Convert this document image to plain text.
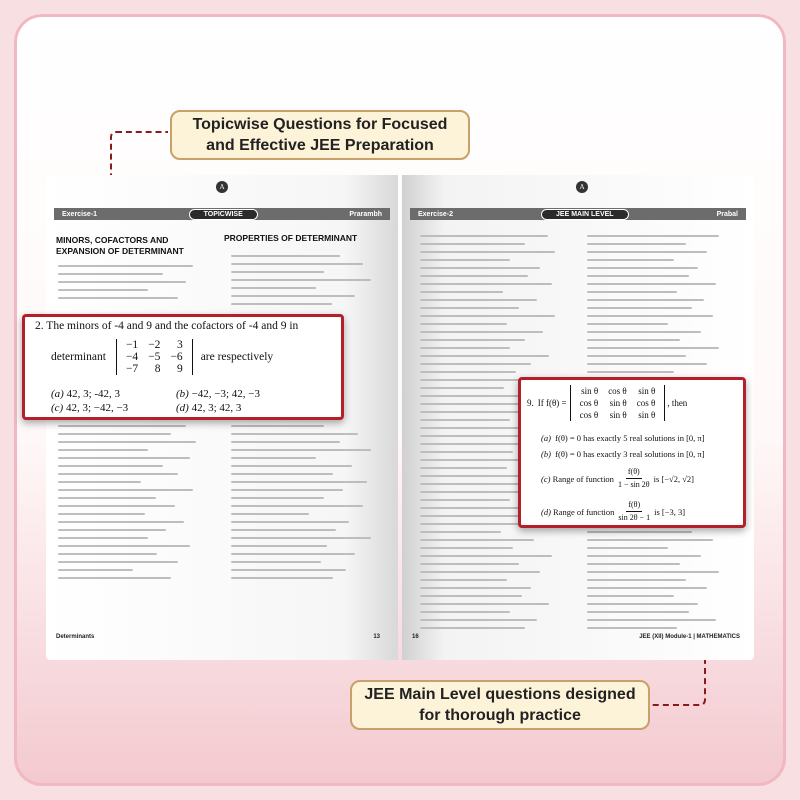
Topicwise Questions for Focused
and Effective JEE Preparation
JEE Main Level questions designed
for thorough practice
A
Exercise-1	TOPICWISE	Prarambh
MINORS, COFACTORS AND
EXPANSION OF DETERMINANT
PROPERTIES OF DETERMINANT
Determinants	13
A
Exercise-2	JEE MAIN LEVEL	Prabal
16	JEE (XII) Module-1 | MATHEMATICS
2. The minors of -4 and 9 and the cofactors of -4 and 9 in
determinant
−1	−2	3
−4	−5	−6
−7	8	9
are respectively
(a) 42, 3; -42, 3	(b) −42, −3; 42, −3
(c) 42, 3; −42, −3	(d) 42, 3; 42, 3	9. If f(θ) =
sin θ	cos θ	sin θ
cos θ	sin θ	cos θ
cos θ	sin θ	sin θ
, then
(a) f(θ) = 0 has exactly 5 real solutions in [0, π]
(b) f(θ) = 0 has exactly 3 real solutions in [0, π]
(c)
Range of function $\frac{f(\theta)}{1 - \sin 2\theta}$ is [−√2, √2]
(d)
Range of function $\frac{f(\theta)}{\sin 2\theta - 1}$ is [−3, 3]
